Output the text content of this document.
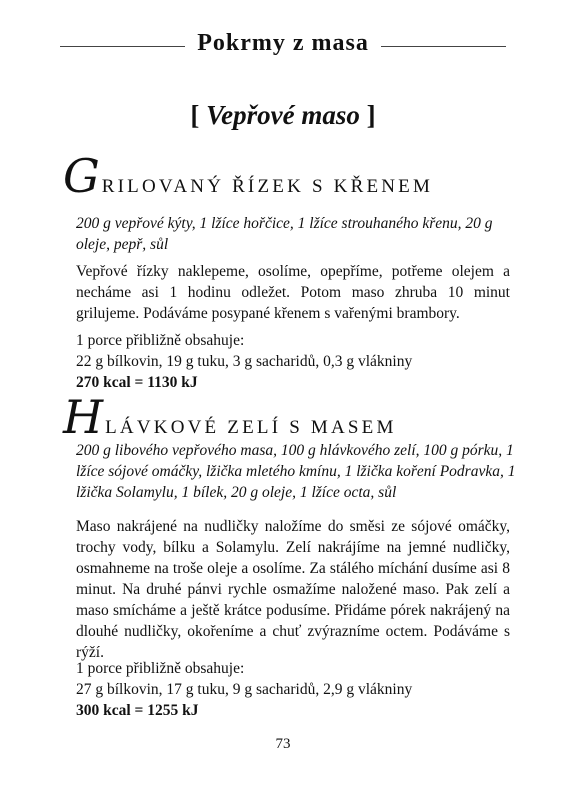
Pokrmy z masa
[ Vepřové maso ]
G RILOVANÝ ŘÍZEK S KŘENEM
200 g vepřové kýty, 1 lžíce hořčice, 1 lžíce strouhaného křenu, 20 g oleje, pepř, sůl
Vepřové řízky naklepeme, osolíme, opepříme, potřeme olejem a necháme asi 1 hodinu odležet. Potom maso zhruba 10 minut grilujeme. Podáváme posypané křenem s vařenými brambory.
1 porce přibližně obsahuje:
22 g bílkovin, 19 g tuku, 3 g sacharidů, 0,3 g vlákniny
270 kcal = 1130 kJ
H LÁVKOVÉ ZELÍ S MASEM
200 g libového vepřového masa, 100 g hlávkového zelí, 100 g pórku, 1 lžíce sójové omáčky, lžička mletého kmínu, 1 lžička koření Podravka, 1 lžička Solamylu, 1 bílek, 20 g oleje, 1 lžíce octa, sůl
Maso nakrájené na nudličky naložíme do směsi ze sójové omáčky, trochy vody, bílku a Solamylu. Zelí nakrájíme na jemné nudličky, osmahneme na troše oleje a osolíme. Za stálého míchání dusíme asi 8 minut. Na druhé pánvi rychle osmažíme naložené maso. Pak zelí a maso smícháme a ještě krátce podusíme. Přidáme pórek nakrájený na dlouhé nudličky, okořeníme a chuť zvýrazníme octem. Podáváme s rýží.
1 porce přibližně obsahuje:
27 g bílkovin, 17 g tuku, 9 g sacharidů, 2,9 g vlákniny
300 kcal = 1255 kJ
73
